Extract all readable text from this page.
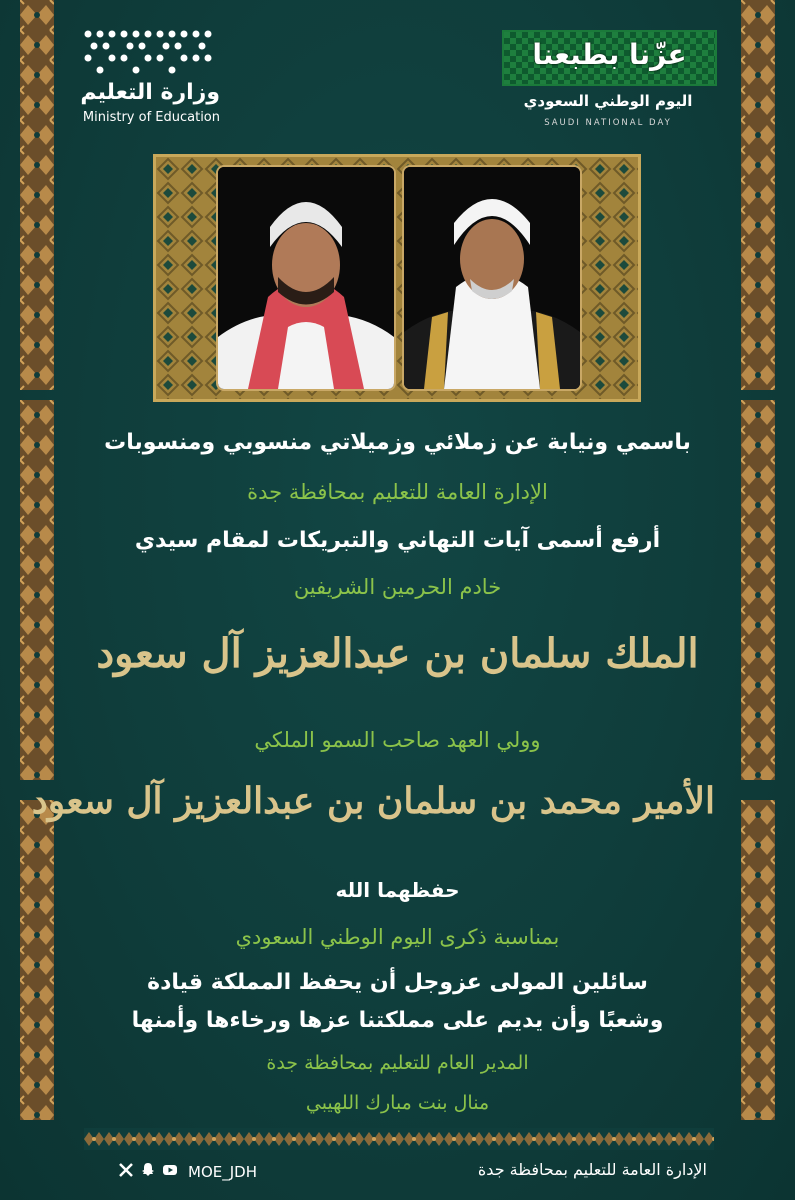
وزارة التعليم
Ministry of Education
عزّنا بطبعنا
اليوم الوطني السعودي
SAUDI NATIONAL DAY
باسمي ونيابة عن زملائي وزميلاتي منسوبي ومنسوبات
الإدارة العامة للتعليم بمحافظة جدة
أرفع أسمى آيات التهاني والتبريكات لمقام سيدي
خادم الحرمين الشريفين
الملك سلمان بن عبدالعزيز آل سعود
وولي العهد صاحب السمو الملكي
الأمير محمد بن سلمان بن عبدالعزيز آل سعود
حفظهما الله
بمناسبة ذكرى اليوم الوطني السعودي
سائلين المولى عزوجل أن يحفظ المملكة قيادة
وشعبًا وأن يديم على مملكتنا عزها ورخاءها وأمنها
المدير العام للتعليم بمحافظة جدة
منال بنت مبارك اللهيبي
MOE_JDH	الإدارة العامة للتعليم بمحافظة جدة
